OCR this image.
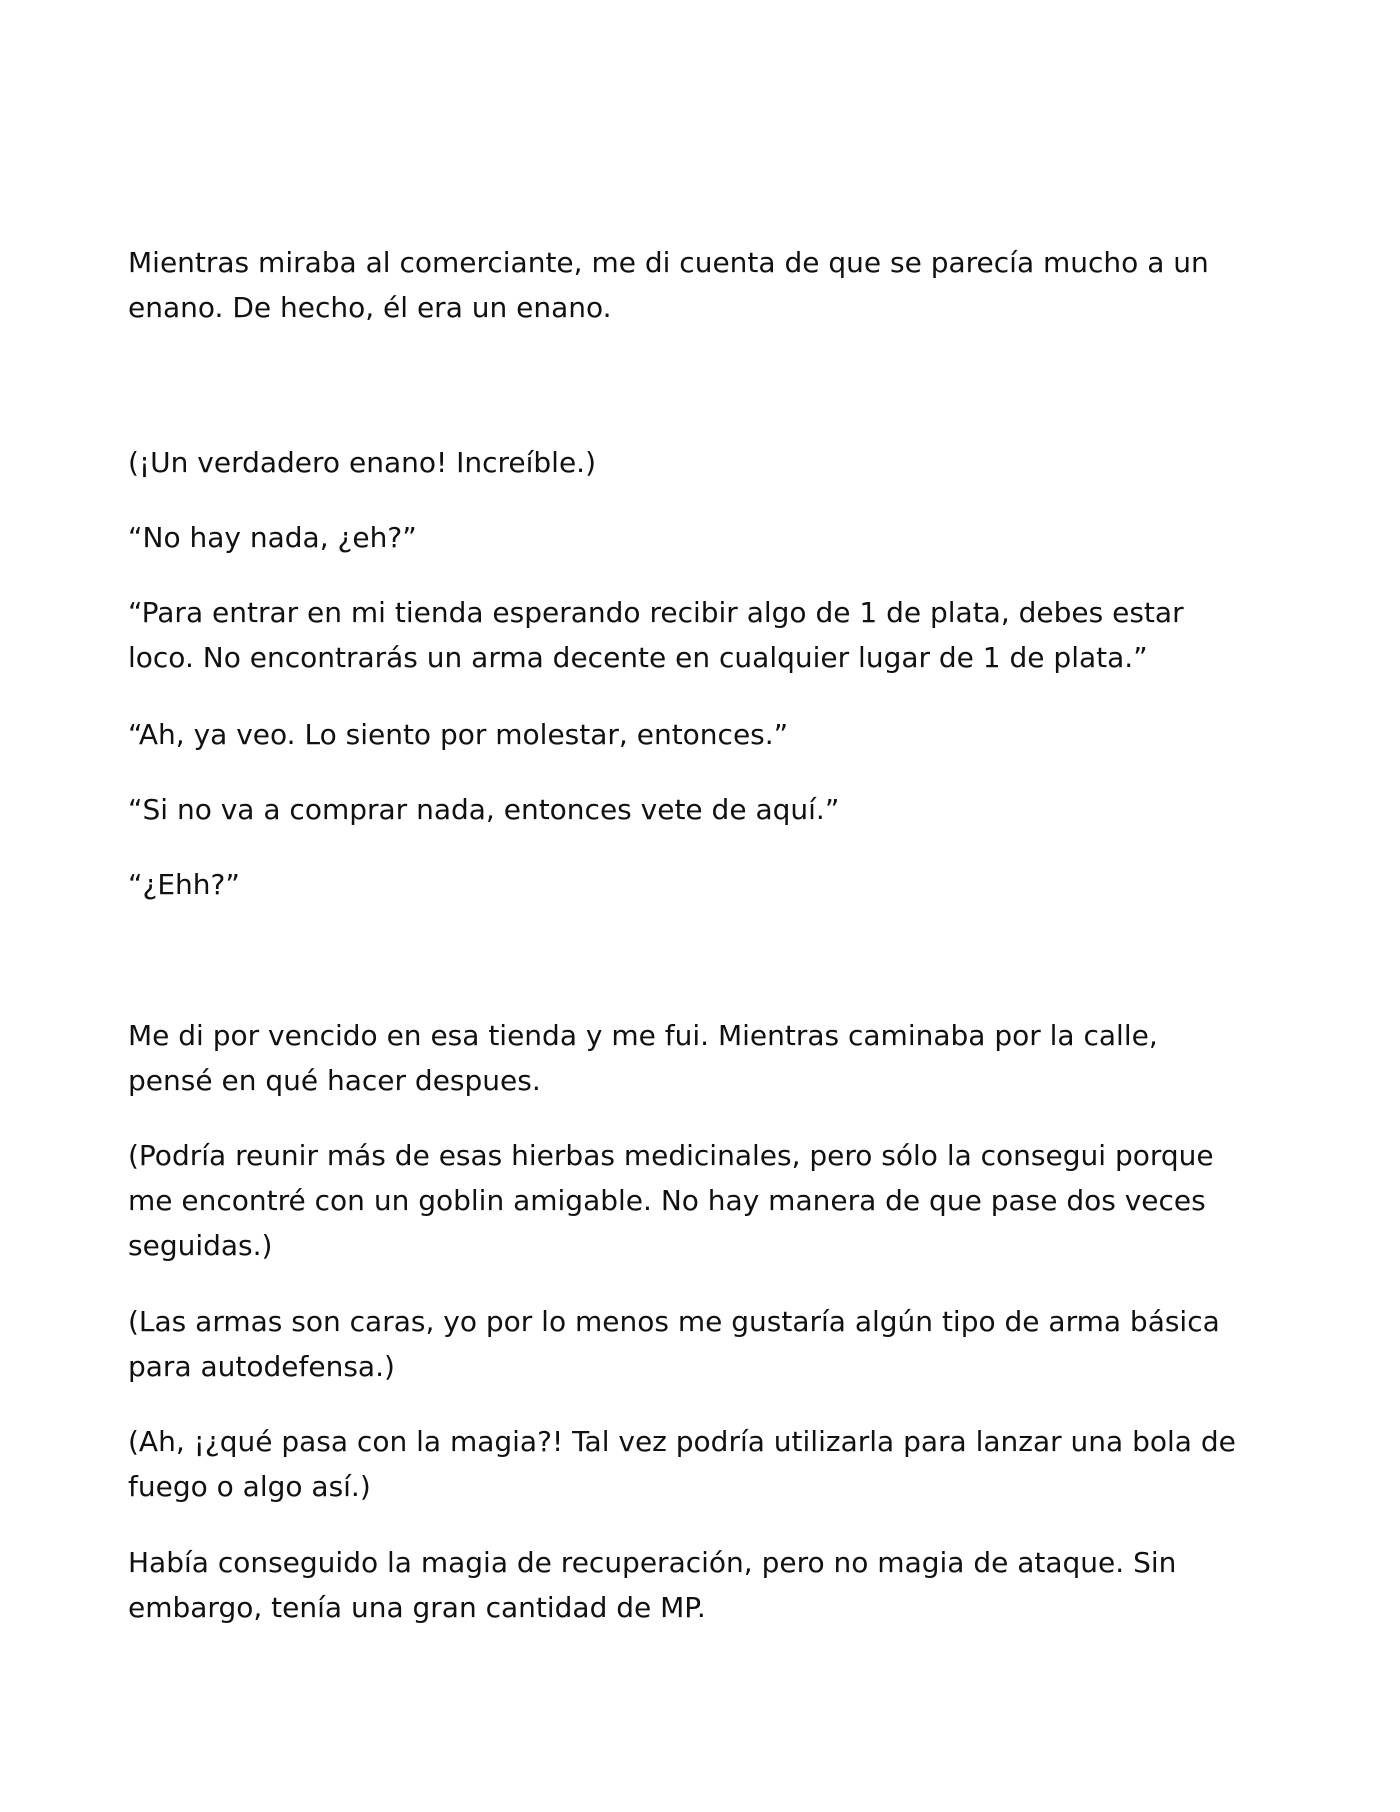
Mientras miraba al comerciante, me di cuenta de que se parecía mucho a un
enano. De hecho, él era un enano.

(¡Un verdadero enano! Increíble.)

“No hay nada, ¿eh?”

“Para entrar en mi tienda esperando recibir algo de 1 de plata, debes estar
loco. No encontrarás un arma decente en cualquier lugar de 1 de plata.”

“Ah, ya veo. Lo siento por molestar, entonces.”

“Si no va a comprar nada, entonces vete de aquí.”

“¿Ehh?”

Me di por vencido en esa tienda y me fui. Mientras caminaba por la calle,
pensé en qué hacer despues.

(Podría reunir más de esas hierbas medicinales, pero sólo la consegui porque
me encontré con un goblin amigable. No hay manera de que pase dos veces
seguidas.)

(Las armas son caras, yo por lo menos me gustaría algún tipo de arma básica
para autodefensa.)

(Ah, ¡¿qué pasa con la magia?! Tal vez podría utilizarla para lanzar una bola de
fuego o algo así.)

Había conseguido la magia de recuperación, pero no magia de ataque. Sin
embargo, tenía una gran cantidad de MP.
